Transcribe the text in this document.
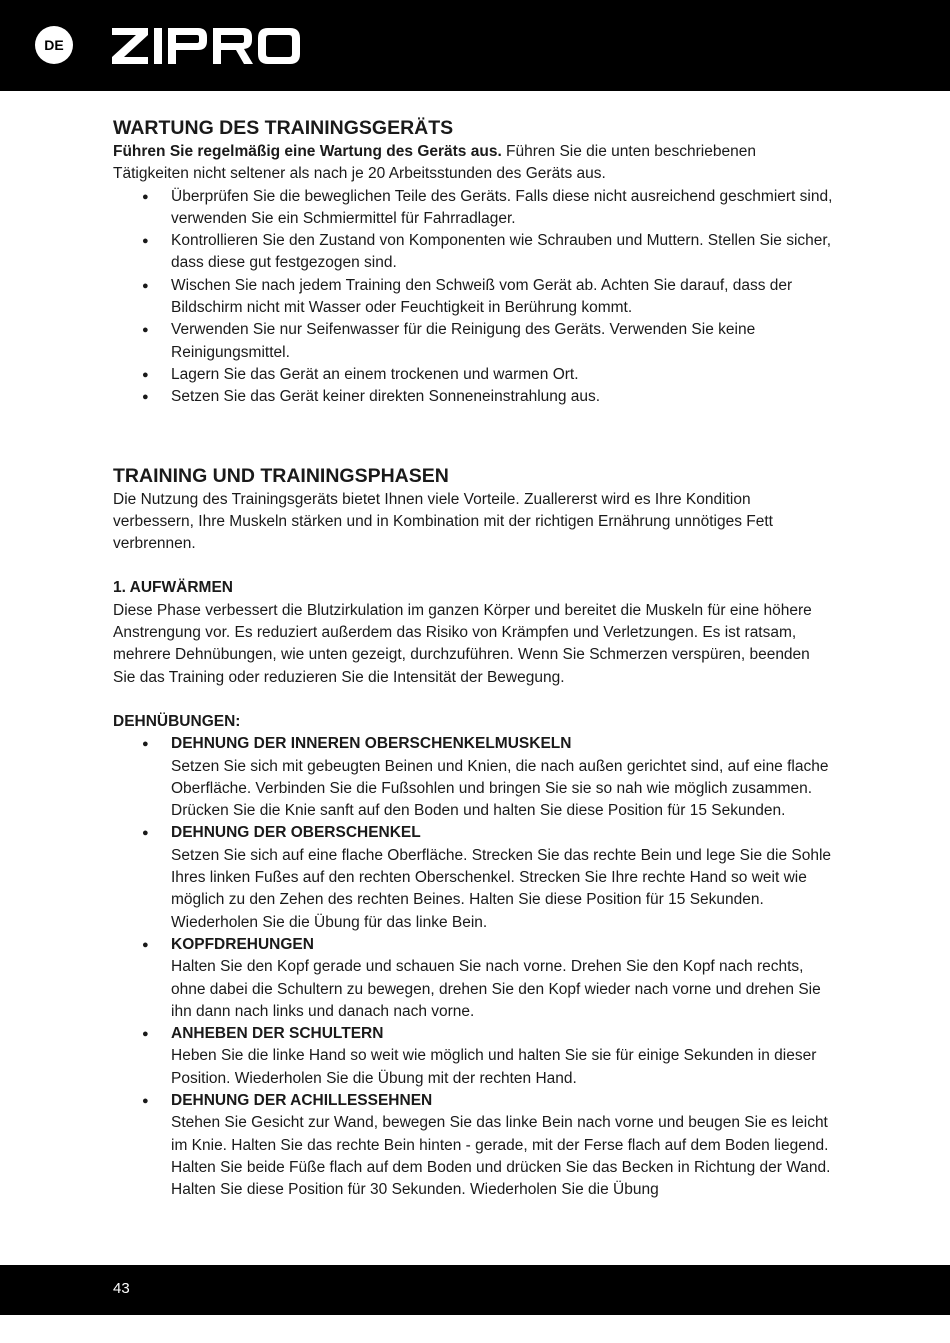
DE
WARTUNG DES TRAININGSGERÄTS

Führen Sie regelmäßig eine Wartung des Geräts aus. Führen Sie die unten beschriebenen Tätigkeiten nicht seltener als nach je 20 Arbeitsstunden des Geräts aus.

● Überprüfen Sie die beweglichen Teile des Geräts. Falls diese nicht ausreichend geschmiert sind, verwenden Sie ein Schmiermittel für Fahrradlager.
● Kontrollieren Sie den Zustand von Komponenten wie Schrauben und Muttern. Stellen Sie sicher, dass diese gut festgezogen sind.
● Wischen Sie nach jedem Training den Schweiß vom Gerät ab. Achten Sie darauf, dass der Bildschirm nicht mit Wasser oder Feuchtigkeit in Berührung kommt.
● Verwenden Sie nur Seifenwasser für die Reinigung des Geräts. Verwenden Sie keine Reinigungsmittel.
● Lagern Sie das Gerät an einem trockenen und warmen Ort.
● Setzen Sie das Gerät keiner direkten Sonneneinstrahlung aus.
TRAINING UND TRAININGSPHASEN

Die Nutzung des Trainingsgeräts bietet Ihnen viele Vorteile. Zuallererst wird es Ihre Kondition verbessern, Ihre Muskeln stärken und in Kombination mit der richtigen Ernährung unnötiges Fett verbrennen.

1. AUFWÄRMEN

Diese Phase verbessert die Blutzirkulation im ganzen Körper und bereitet die Muskeln für eine höhere Anstrengung vor. Es reduziert außerdem das Risiko von Krämpfen und Verletzungen. Es ist ratsam, mehrere Dehnübungen, wie unten gezeigt, durchzuführen. Wenn Sie Schmerzen verspüren, beenden Sie das Training oder reduzieren Sie die Intensität der Bewegung.

DEHNÜBUNGEN:

● DEHNUNG DER INNEREN OBERSCHENKELMUSKELN
Setzen Sie sich mit gebeugten Beinen und Knien, die nach außen gerichtet sind, auf eine flache Oberfläche. Verbinden Sie die Fußsohlen und bringen Sie sie so nah wie möglich zusammen. Drücken Sie die Knie sanft auf den Boden und halten Sie diese Position für 15 Sekunden.
● DEHNUNG DER OBERSCHENKEL
Setzen Sie sich auf eine flache Oberfläche. Strecken Sie das rechte Bein und lege Sie die Sohle Ihres linken Fußes auf den rechten Oberschenkel. Strecken Sie Ihre rechte Hand so weit wie möglich zu den Zehen des rechten Beines. Halten Sie diese Position für 15 Sekunden. Wiederholen Sie die Übung für das linke Bein.
● KOPFDREHUNGEN
Halten Sie den Kopf gerade und schauen Sie nach vorne. Drehen Sie den Kopf nach rechts, ohne dabei die Schultern zu bewegen, drehen Sie den Kopf wieder nach vorne und drehen Sie ihn dann nach links und danach nach vorne.
● ANHEBEN DER SCHULTERN
Heben Sie die linke Hand so weit wie möglich und halten Sie sie für einige Sekunden in dieser Position. Wiederholen Sie die Übung mit der rechten Hand.
● DEHNUNG DER ACHILLESSEHNEN
Stehen Sie Gesicht zur Wand, bewegen Sie das linke Bein nach vorne und beugen Sie es leicht im Knie. Halten Sie das rechte Bein hinten - gerade, mit der Ferse flach auf dem Boden liegend. Halten Sie beide Füße flach auf dem Boden und drücken Sie das Becken in Richtung der Wand. Halten Sie diese Position für 30 Sekunden. Wiederholen Sie die Übung
43
